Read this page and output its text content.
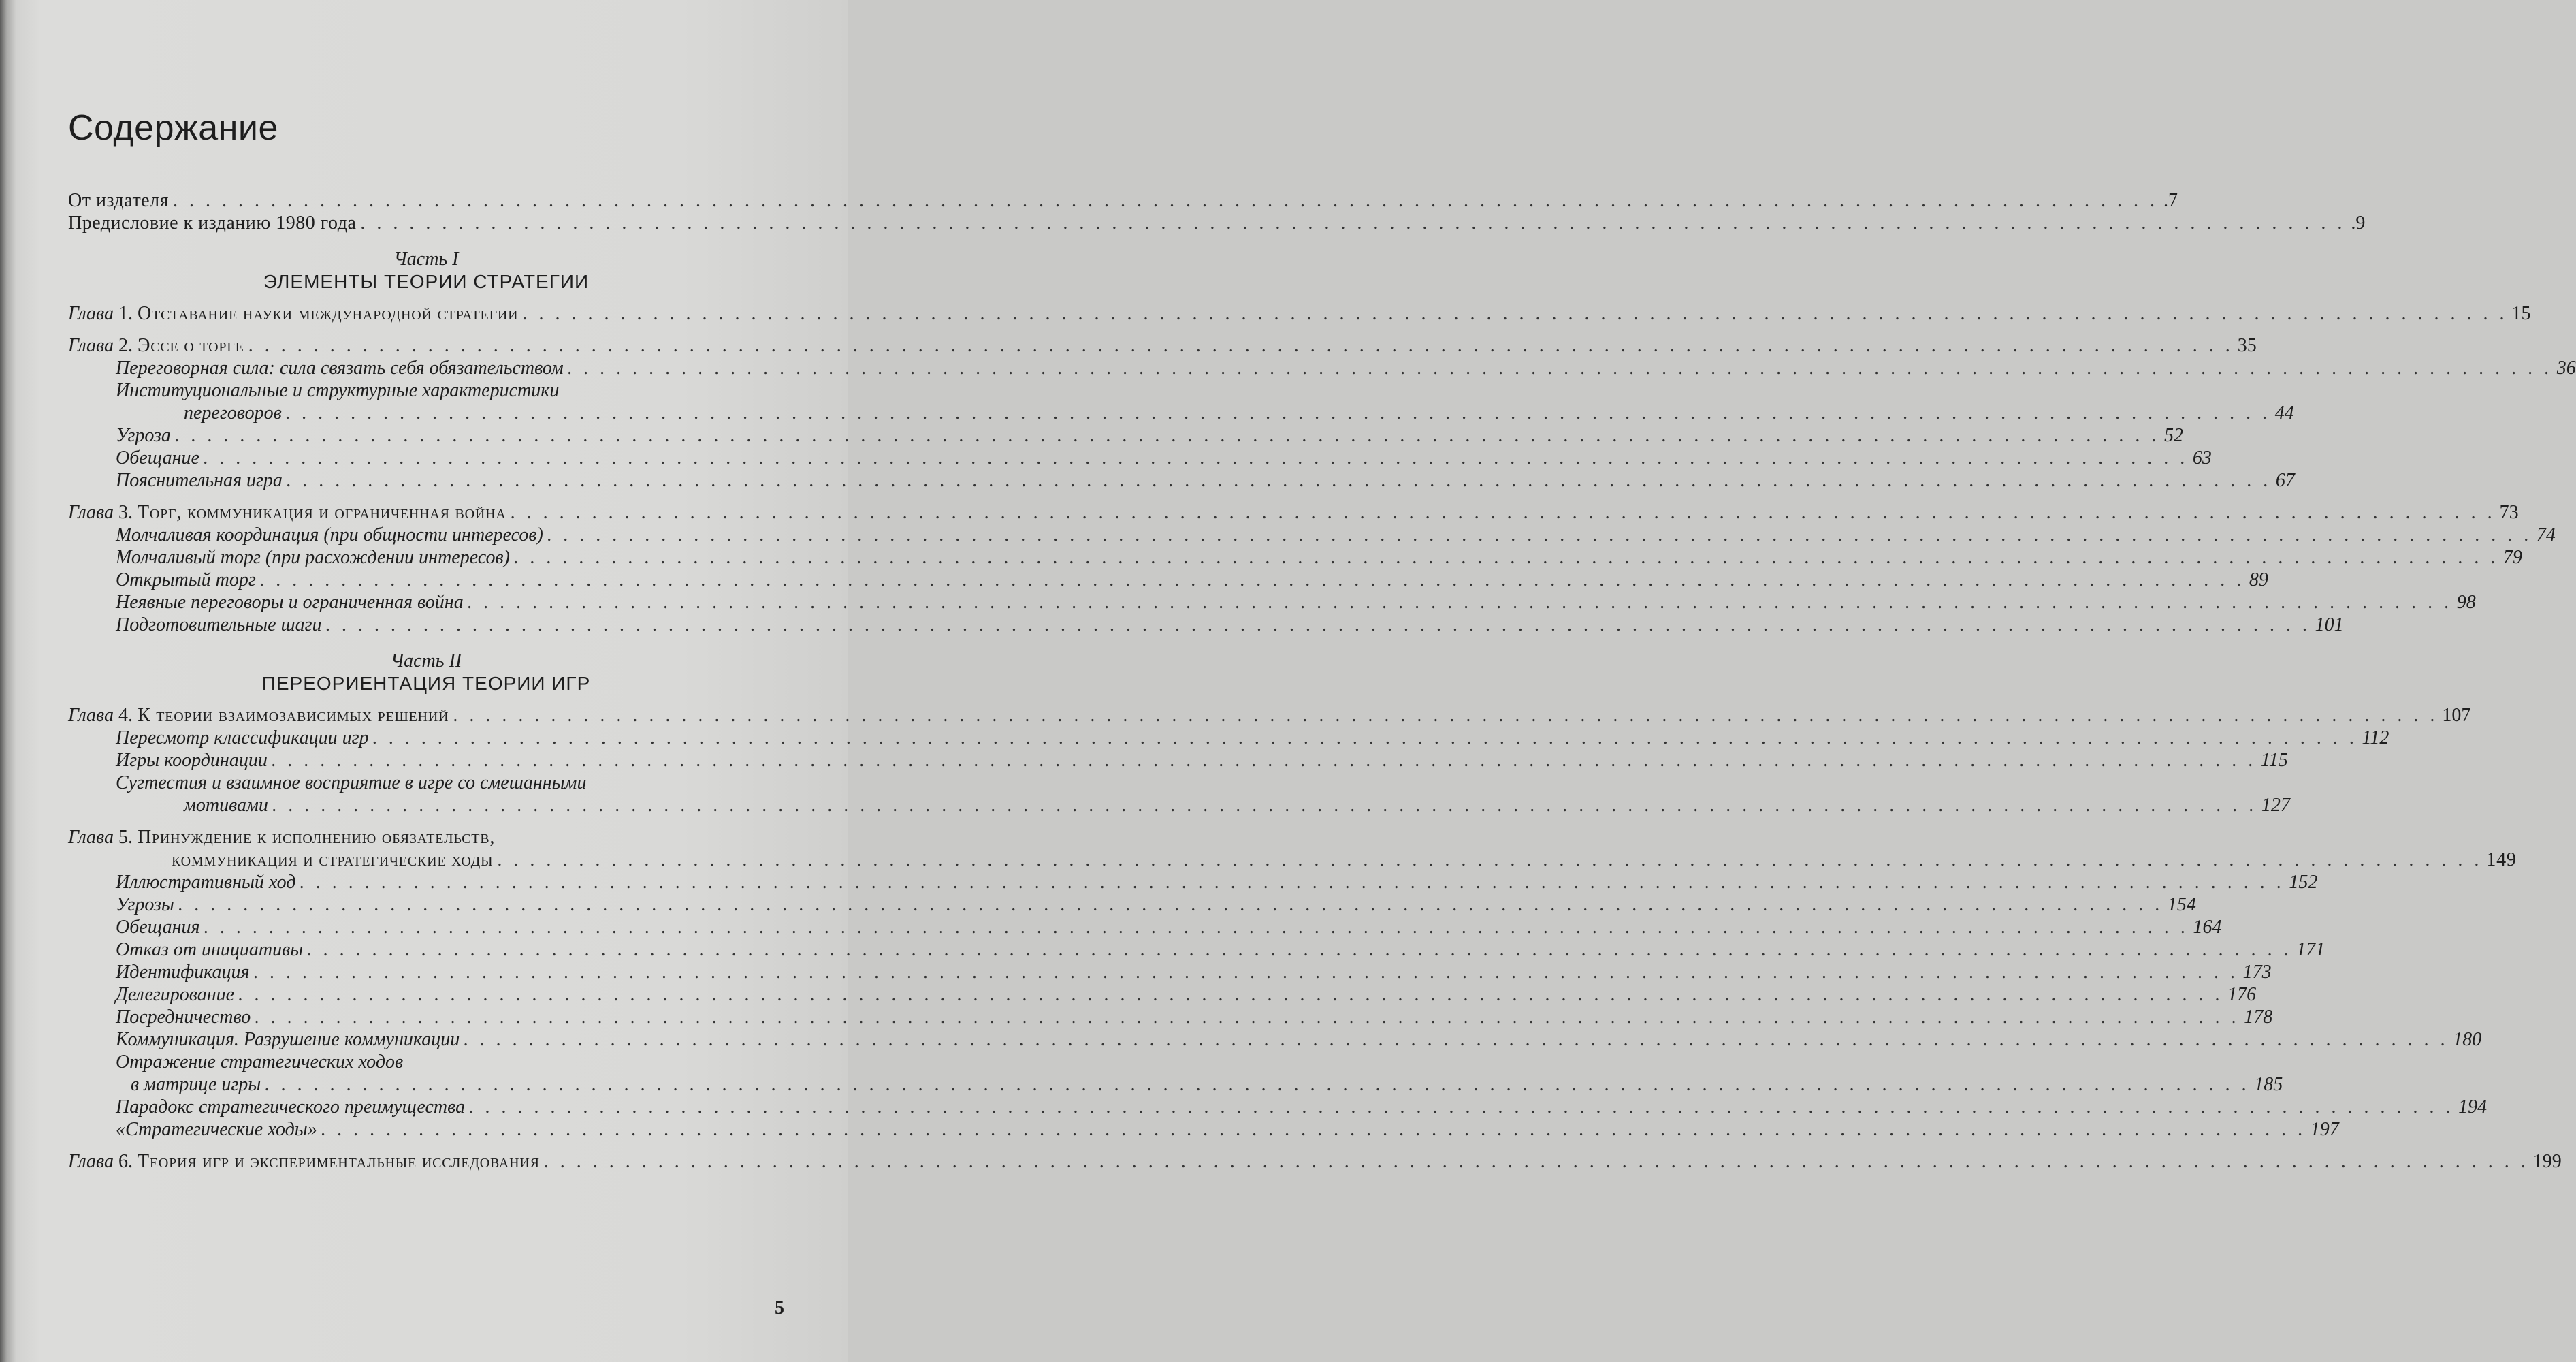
Содержание
От издателя . . .	.7
Предисловие к изданию 1980 года . . .	.9
Часть I
ЭЛЕМЕНТЫ ТЕОРИИ СТРАТЕГИИ
Глава 1. Отставание науки международной стратегии . . .	15
Глава 2. Эссе о торге . . .	35
Переговорная сила: сила связать себя обязательством . . .	36
Институциональные и структурные характеристики
переговоров . . .	44
Угроза . . .	52
Обещание . . .	63
Пояснительная игра . . .	67
Глава 3. Торг, коммуникация и ограниченная война . . .	73
Молчаливая координация (при общности интересов) . . .	74
Молчаливый торг (при расхождении интересов) . . .	79
Открытый торг . . .	89
Неявные переговоры и ограниченная война . . .	98
Подготовительные шаги . . .	101
Часть II
ПЕРЕОРИЕНТАЦИЯ ТЕОРИИ ИГР
Глава 4. К теории взаимозависимых решений . . .	107
Пересмотр классификации игр . . .	112
Игры координации . . .	115
Сугтестия и взаимное восприятие в игре со смешанными
мотивами . . .	127
Глава 5. Принуждение к исполнению обязательств,
коммуникация и стратегические ходы . . .	149
Иллюстративный ход . . .	152
Угрозы . . .	154
Обещания . . .	164
Отказ от инициативы . . .	171
Идентификация . . .	173
Делегирование . . .	176
Посредничество . . .	178
Коммуникация. Разрушение коммуникации . . .	180
Отражение стратегических ходов
в матрице игры . . .	185
Парадокс стратегического преимущества . . .	194
«Стратегические ходы» . . .	197
Глава 6. Теория игр и экспериментальные исследования . . .	199
5
